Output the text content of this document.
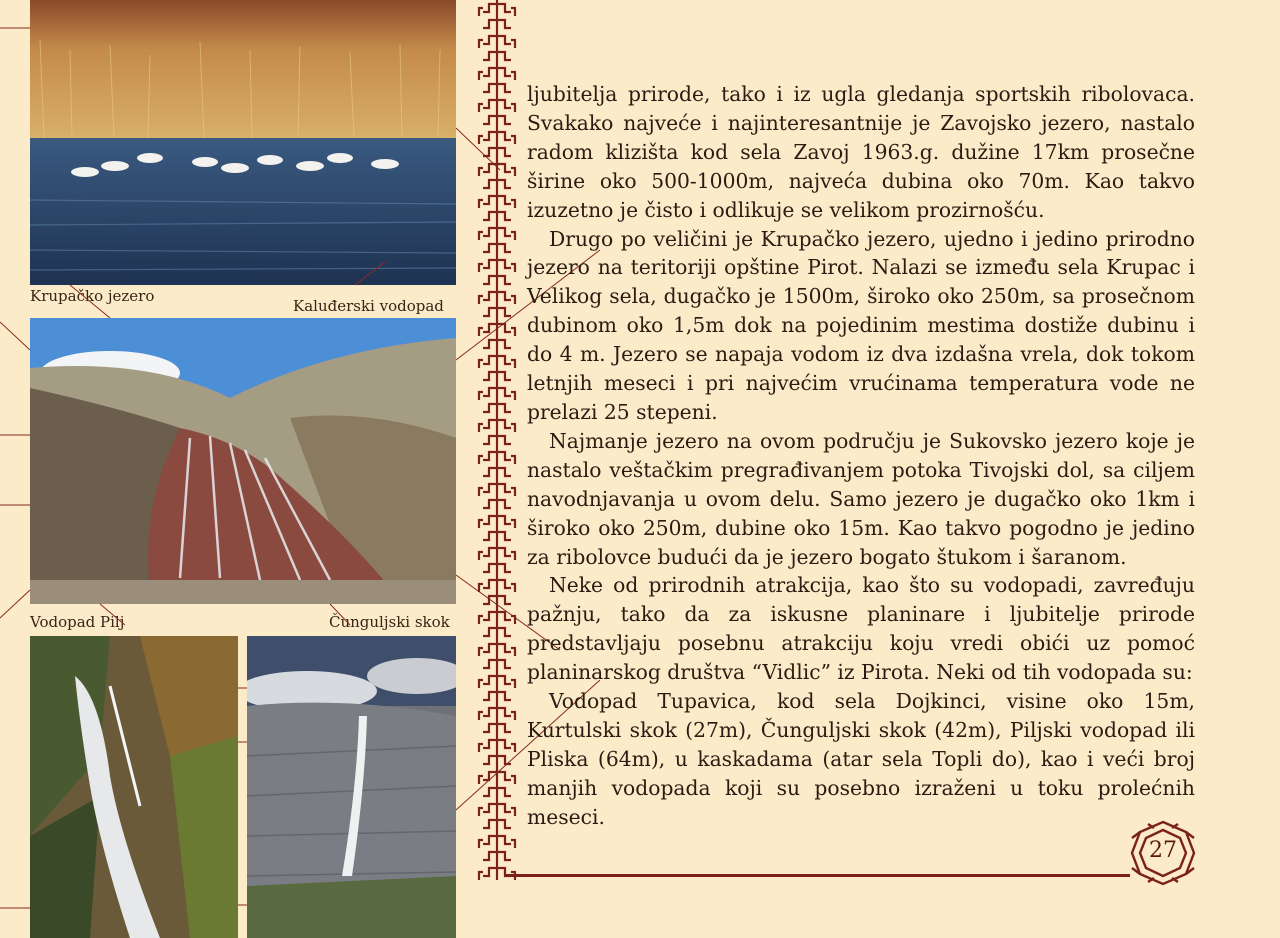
Krupačko jezero
Kaluđerski vodopad
Vodopad Pilj	Čunguljski skok

ljubitelja prirode, tako i iz ugla gledanja sportskih ribolovaca. Svakako najveće i najinteresantnije je Zavojsko jezero, nastalo radom klizišta kod sela Zavoj 1963.g. dužine 17km prosečne širine oko 500-1000m, najveća dubina oko 70m. Kao takvo izuzetno je čisto i odlikuje se velikom prozirnošću.

Drugo po veličini je Krupačko jezero, ujedno i jedino prirodno jezero na teritoriji opštine Pirot. Nalazi se između sela Krupac i Velikog sela, dugačko je 1500m, široko oko 250m, sa prosečnom dubinom oko 1,5m dok na pojedinim mestima dostiže dubinu i do 4 m. Jezero se napaja vodom iz dva izdašna vrela, dok tokom letnjih meseci i pri najvećim vrućinama temperatura vode ne prelazi 25 stepeni.

Najmanje jezero na ovom području je Sukovsko jezero koje je nastalo veštačkim pregrađivanjem potoka Tivojski dol, sa ciljem navodnjavanja u ovom delu. Samo jezero je dugačko oko 1km i široko oko 250m, dubine oko 15m. Kao takvo pogodno je jedino za ribolovce budući da je jezero bogato štukom i šaranom.

Neke od prirodnih atrakcija, kao što su vodopadi, zavređuju pažnju, tako da za iskusne planinare i ljubitelje prirode predstavljaju posebnu atrakciju koju vredi obići uz pomoć planinarskog društva “Vidlic” iz Pirota. Neki od tih vodopada su:

Vodopad Tupavica, kod sela Dojkinci, visine oko 15m, Kurtulski skok (27m), Čunguljski skok (42m), Piljski vodopad ili Pliska (64m), u kaskadama (atar sela Topli do), kao i veći broj manjih vodopada koji su posebno izraženi u toku prolećnih meseci.

27
